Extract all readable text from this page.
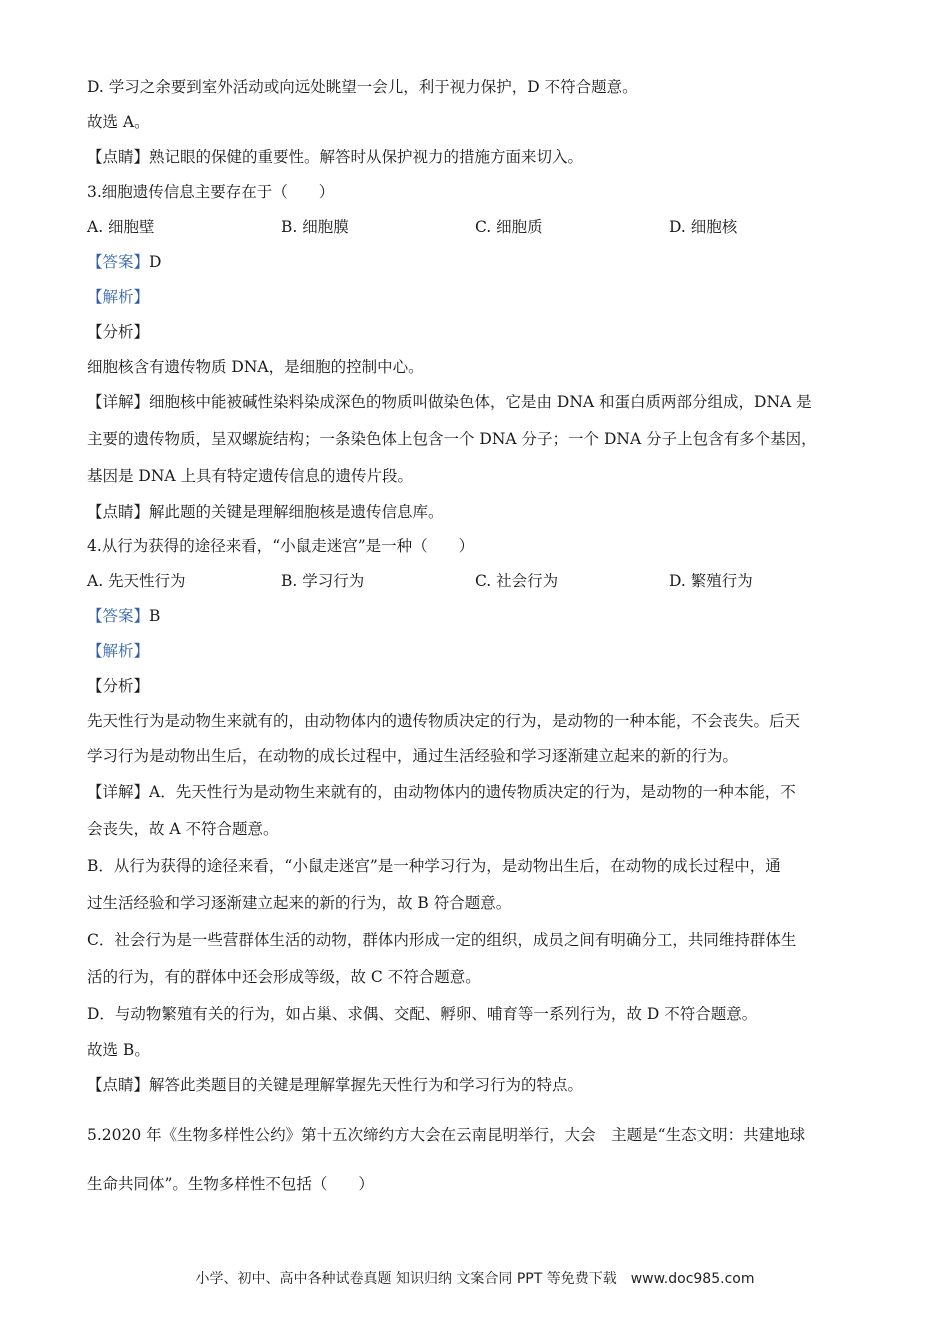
D. 学习之余要到室外活动或向远处眺望一会儿，利于视力保护，D 不符合题意。
故选 A。
【点睛】熟记眼的保健的重要性。解答时从保护视力的措施方面来切入。
3.细胞遗传信息主要存在于（　　）
A. 细胞壁	B. 细胞膜	C. 细胞质	D. 细胞核
【答案】D
【解析】
【分析】
细胞核含有遗传物质 DNA，是细胞的控制中心。
【详解】细胞核中能被碱性染料染成深色的物质叫做染色体，它是由 DNA 和蛋白质两部分组成，DNA 是
主要的遗传物质，呈双螺旋结构；一条染色体上包含一个 DNA 分子；一个 DNA 分子上包含有多个基因，
基因是 DNA 上具有特定遗传信息的遗传片段。
【点睛】解此题的关键是理解细胞核是遗传信息库。
4.从行为获得的途径来看，“小鼠走迷宫”是一种（　　）
A. 先天性行为	B. 学习行为	C. 社会行为	D. 繁殖行为
【答案】B
【解析】
【分析】
先天性行为是动物生来就有的，由动物体内的遗传物质决定的行为，是动物的一种本能，不会丧失。后天
学习行为是动物出生后，在动物的成长过程中，通过生活经验和学习逐渐建立起来的新的行为。
【详解】A．先天性行为是动物生来就有的，由动物体内的遗传物质决定的行为，是动物的一种本能，不
会丧失，故 A 不符合题意。
B．从行为获得的途径来看，“小鼠走迷宫”是一种学习行为，是动物出生后，在动物的成长过程中，通
过生活经验和学习逐渐建立起来的新的行为，故 B 符合题意。
C．社会行为是一些营群体生活的动物，群体内形成一定的组织，成员之间有明确分工，共同维持群体生
活的行为，有的群体中还会形成等级，故 C 不符合题意。
D．与动物繁殖有关的行为，如占巢、求偶、交配、孵卵、哺育等一系列行为，故 D 不符合题意。
故选 B。
【点睛】解答此类题目的关键是理解掌握先天性行为和学习行为的特点。
5.2020 年《生物多样性公约》第十五次缔约方大会在云南昆明举行，大会　主题是“生态文明：共建地球
生命共同体”。生物多样性不包括（　　）
小学、初中、高中各种试卷真题 知识归纳 文案合同 PPT 等免费下载　www.doc985.com
